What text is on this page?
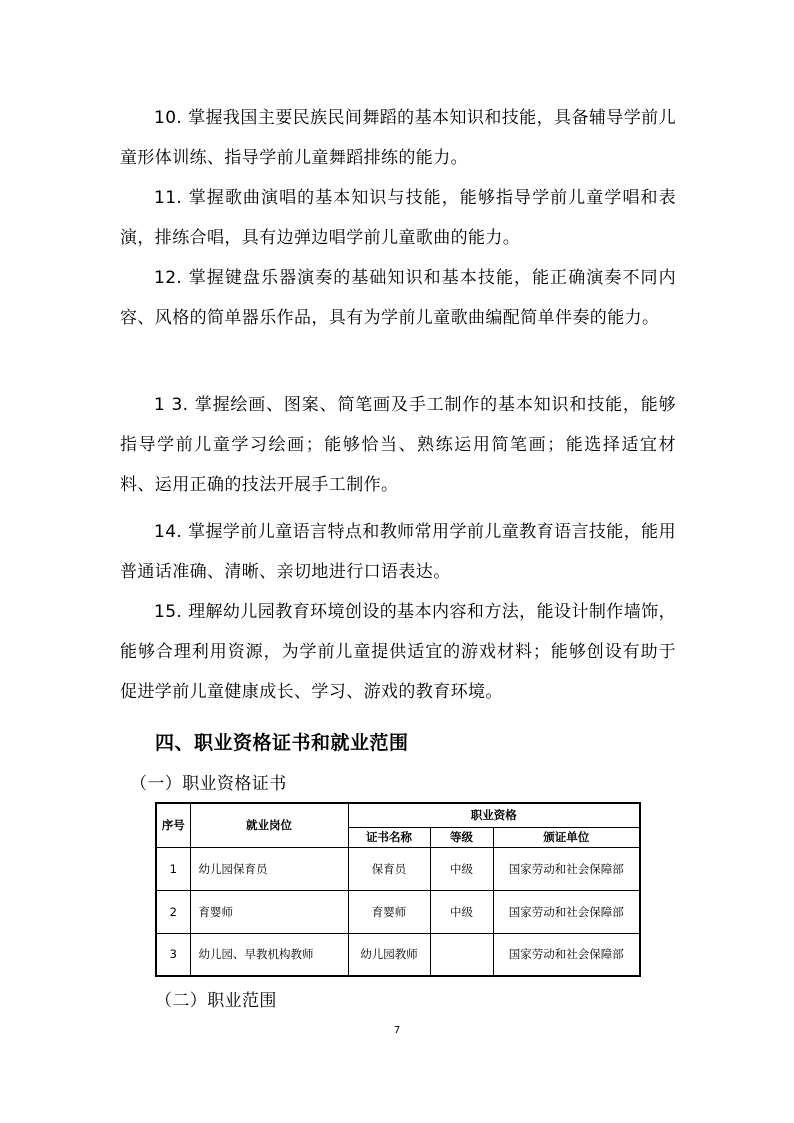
10. 掌握我国主要民族民间舞蹈的基本知识和技能，具备辅导学前儿童形体训练、指导学前儿童舞蹈排练的能力。

11. 掌握歌曲演唱的基本知识与技能，能够指导学前儿童学唱和表演，排练合唱，具有边弹边唱学前儿童歌曲的能力。

12. 掌握键盘乐器演奏的基础知识和基本技能，能正确演奏不同内容、风格的简单器乐作品，具有为学前儿童歌曲编配简单伴奏的能力。

1 3. 掌握绘画、图案、简笔画及手工制作的基本知识和技能，能够指导学前儿童学习绘画；能够恰当、熟练运用简笔画；能选择适宜材料、运用正确的技法开展手工制作。

14. 掌握学前儿童语言特点和教师常用学前儿童教育语言技能，能用普通话准确、清晰、亲切地进行口语表达。

15. 理解幼儿园教育环境创设的基本内容和方法，能设计制作墙饰，能够合理利用资源，为学前儿童提供适宜的游戏材料；能够创设有助于促进学前儿童健康成长、学习、游戏的教育环境。

四、职业资格证书和就业范围

（一）职业资格证书

序号	就业岗位	职业资格		
		证书名称	等级	颁证单位
1	幼儿园保育员	保育员	中级	国家劳动和社会保障部
2	育婴师	育婴师	中级	国家劳动和社会保障部
3	幼儿园、早教机构教师	幼儿园教师		国家劳动和社会保障部

（二）职业范围

7
